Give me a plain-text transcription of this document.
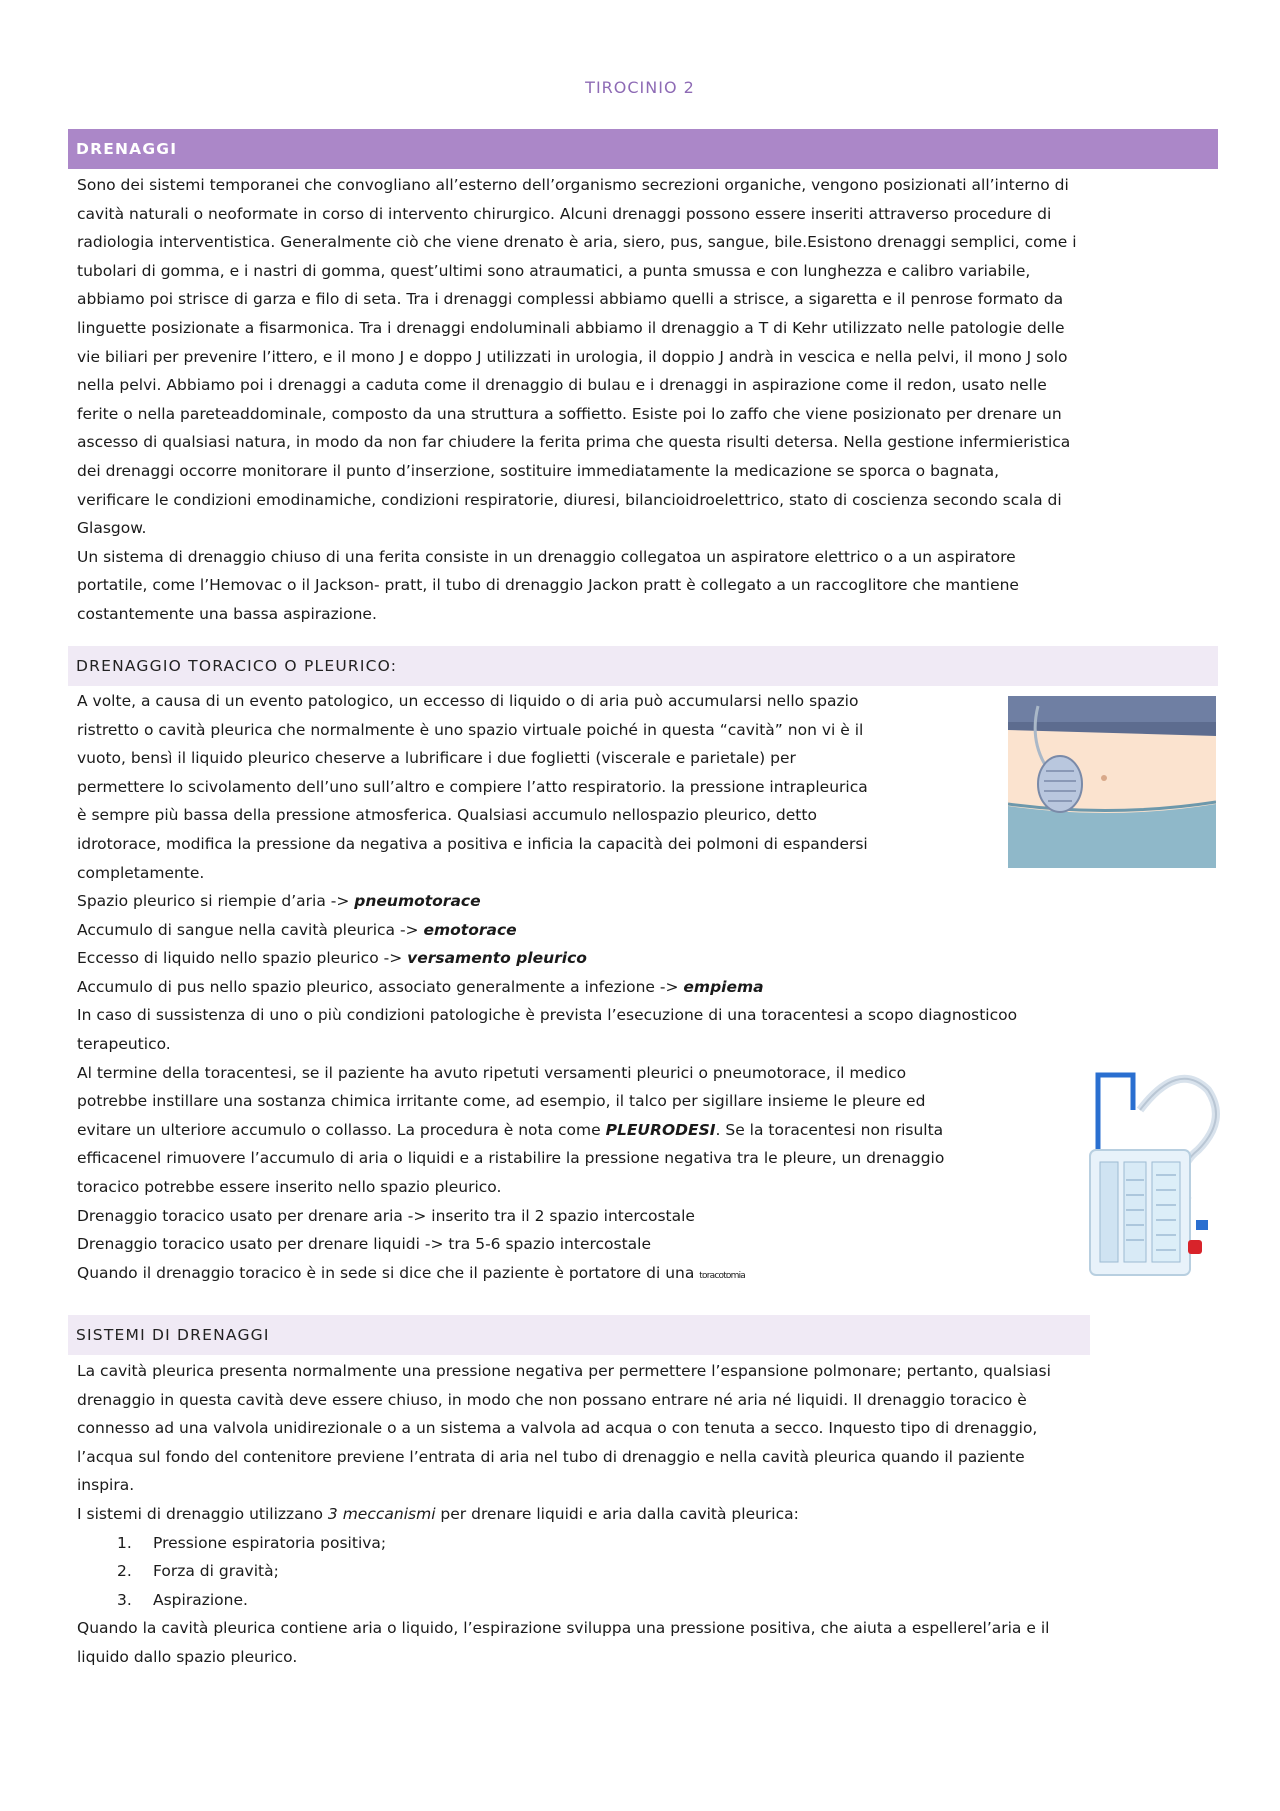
TIROCINIO 2
DRENAGGI

Sono dei sistemi temporanei che convogliano all’esterno dell’organismo secrezioni organiche, vengono posizionati all’interno di

cavità naturali o neoformate in corso di intervento chirurgico. Alcuni drenaggi possono essere inseriti attraverso procedure di

radiologia interventistica. Generalmente ciò che viene drenato è aria, siero, pus, sangue, bile.Esistono drenaggi semplici, come i

tubolari di gomma, e i nastri di gomma, quest’ultimi sono atraumatici, a punta smussa e con lunghezza e calibro variabile,

abbiamo poi strisce di garza e filo di seta. Tra i drenaggi complessi abbiamo quelli a strisce, a sigaretta e il penrose formato da

linguette posizionate a fisarmonica. Tra i drenaggi endoluminali abbiamo il drenaggio a T di Kehr utilizzato nelle patologie delle

vie biliari per prevenire l’ittero, e il mono J e doppo J utilizzati in urologia, il doppio J andrà in vescica e nella pelvi, il mono J solo

nella pelvi. Abbiamo poi i drenaggi a caduta come il drenaggio di bulau e i drenaggi in aspirazione come il redon, usato nelle

ferite o nella pareteaddominale, composto da una struttura a soffietto. Esiste poi lo zaffo che viene posizionato per drenare un

ascesso di qualsiasi natura, in modo da non far chiudere la ferita prima che questa risulti detersa. Nella gestione infermieristica

dei drenaggi occorre monitorare il punto d’inserzione, sostituire immediatamente la medicazione se sporca o bagnata,

verificare le condizioni emodinamiche, condizioni respiratorie, diuresi, bilancioidroelettrico, stato di coscienza secondo scala di

Glasgow.

Un sistema di drenaggio chiuso di una ferita consiste in un drenaggio collegatoa un aspiratore elettrico o a un aspiratore

portatile, come l’Hemovac o il Jackson- pratt, il tubo di drenaggio Jackon pratt è collegato a un raccoglitore che mantiene

costantemente una bassa aspirazione.

DRENAGGIO TORACICO O PLEURICO:

A volte, a causa di un evento patologico, un eccesso di liquido o di aria può accumularsi nello spazio

ristretto o cavità pleurica che normalmente è uno spazio virtuale poiché in questa “cavità” non vi è il

vuoto, bensì il liquido pleurico cheserve a lubrificare i due foglietti (viscerale e parietale) per

permettere lo scivolamento dell’uno sull’altro e compiere l’atto respiratorio. la pressione intrapleurica

è sempre più bassa della pressione atmosferica. Qualsiasi accumulo nellospazio pleurico, detto

idrotorace, modifica la pressione da negativa a positiva e inficia la capacità dei polmoni di espandersi

completamente.

Spazio pleurico si riempie d’aria -> pneumotorace

Accumulo di sangue nella cavità pleurica -> emotorace

Eccesso di liquido nello spazio pleurico -> versamento pleurico

Accumulo di pus nello spazio pleurico, associato generalmente a infezione -> empiema

In caso di sussistenza di uno o più condizioni patologiche è prevista l’esecuzione di una toracentesi a scopo diagnosticoo

terapeutico.

Al termine della toracentesi, se il paziente ha avuto ripetuti versamenti pleurici o pneumotorace, il medico

potrebbe instillare una sostanza chimica irritante come, ad esempio, il talco per sigillare insieme le pleure ed

evitare un ulteriore accumulo o collasso. La procedura è nota come PLEURODESI. Se la toracentesi non risulta

efficacenel rimuovere l’accumulo di aria o liquidi e a ristabilire la pressione negativa tra le pleure, un drenaggio

toracico potrebbe essere inserito nello spazio pleurico.

Drenaggio toracico usato per drenare aria -> inserito tra il 2 spazio intercostale

Drenaggio toracico usato per drenare liquidi -> tra 5-6 spazio intercostale

Quando il drenaggio toracico è in sede si dice che il paziente è portatore di una toracotomia

SISTEMI DI DRENAGGI

La cavità pleurica presenta normalmente una pressione negativa per permettere l’espansione polmonare; pertanto, qualsiasi

drenaggio in questa cavità deve essere chiuso, in modo che non possano entrare né aria né liquidi. Il drenaggio toracico è

connesso ad una valvola unidirezionale o a un sistema a valvola ad acqua o con tenuta a secco. Inquesto tipo di drenaggio,

l’acqua sul fondo del contenitore previene l’entrata di aria nel tubo di drenaggio e nella cavità pleurica quando il paziente

inspira.

I sistemi di drenaggio utilizzano 3 meccanismi per drenare liquidi e aria dalla cavità pleurica:

1. Pressione espiratoria positiva;
2. Forza di gravità;
3. Aspirazione.

Quando la cavità pleurica contiene aria o liquido, l’espirazione sviluppa una pressione positiva, che aiuta a espellerel’aria e il

liquido dallo spazio pleurico.
